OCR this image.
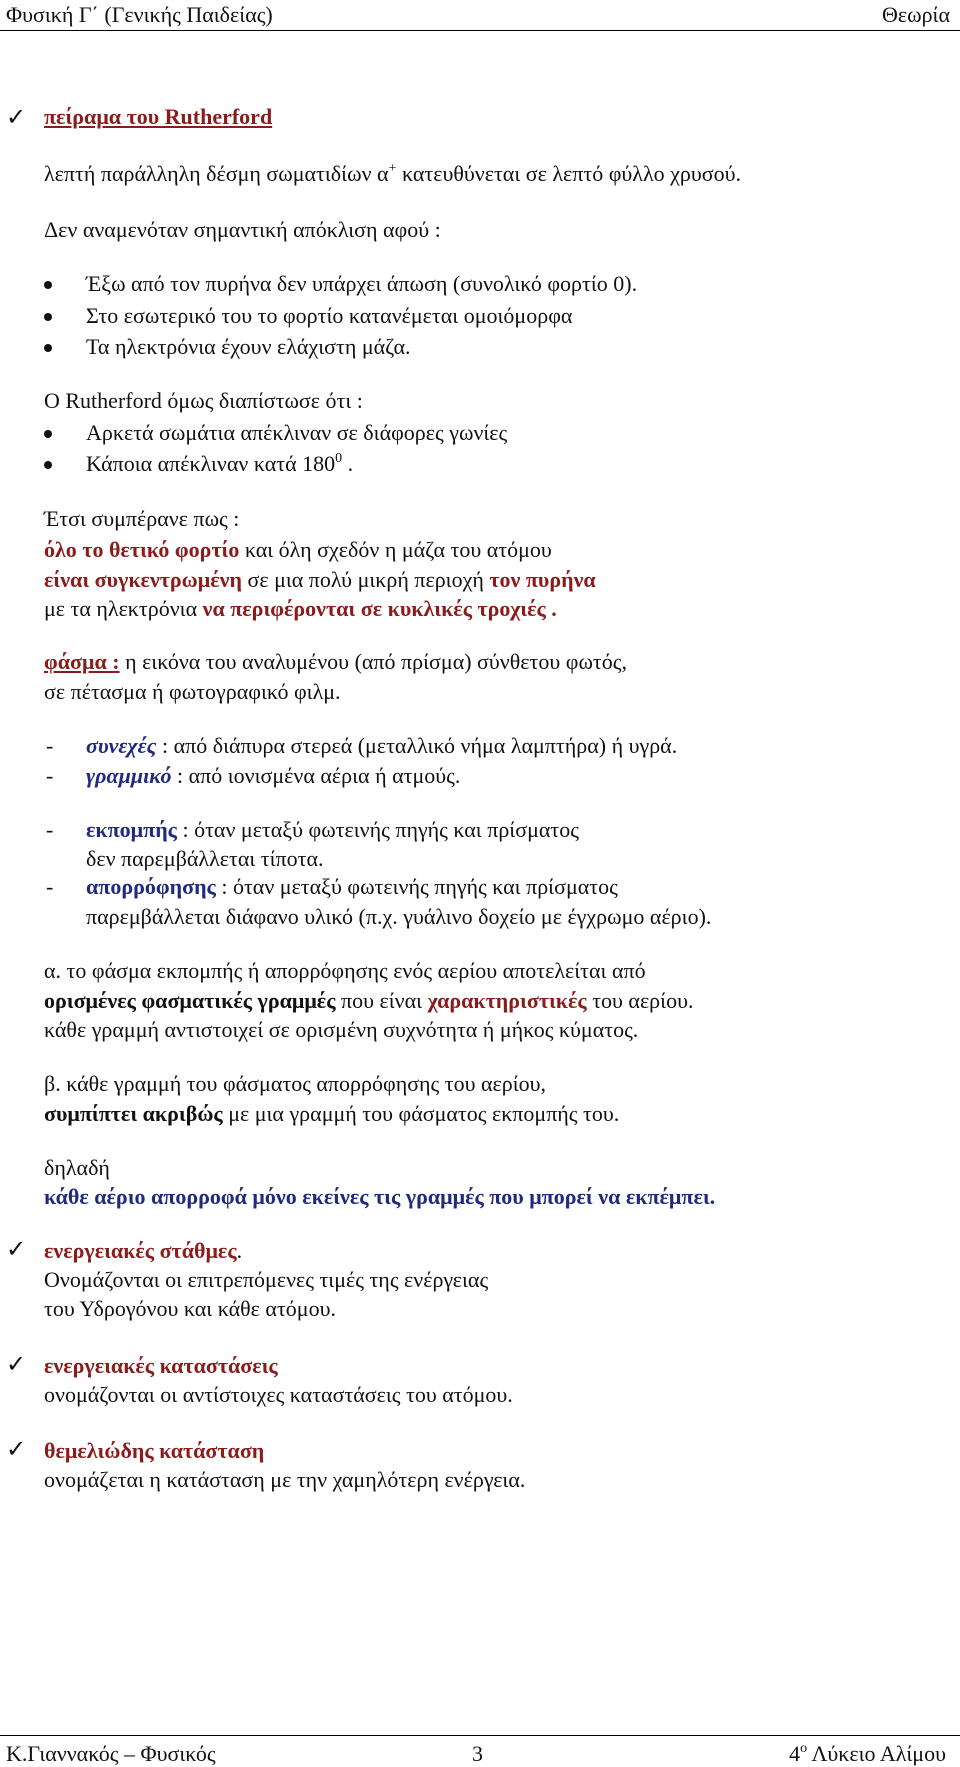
Φυσική Γ΄ (Γενικής Παιδείας)	Θεωρία
✓ πείραμα του Rutherford
λεπτή παράλληλη δέσμη σωματιδίων α+ κατευθύνεται σε λεπτό φύλλο χρυσού.
Δεν αναμενόταν σημαντική απόκλιση αφού :
Έξω από τον πυρήνα δεν υπάρχει άπωση (συνολικό φορτίο 0).
Στο εσωτερικό του το φορτίο κατανέμεται ομοιόμορφα
Τα ηλεκτρόνια έχουν ελάχιστη μάζα.
Ο Rutherford όμως διαπίστωσε ότι :
Αρκετά σωμάτια απέκλιναν σε διάφορες γωνίες
Κάποια απέκλιναν κατά $180^0$ .
Έτσι συμπέρανε πως :
όλο το θετικό φορτίο και όλη σχεδόν η μάζα του ατόμου
είναι συγκεντρωμένη σε μια πολύ μικρή περιοχή τον πυρήνα
με τα ηλεκτρόνια να περιφέρονται σε κυκλικές τροχιές .
φάσμα : η εικόνα του αναλυμένου (από πρίσμα) σύνθετου φωτός,
σε πέτασμα ή φωτογραφικό φιλμ.
- συνεχές : από διάπυρα στερεά (μεταλλικό νήμα λαμπτήρα) ή υγρά.
- γραμμικό : από ιονισμένα αέρια ή ατμούς.
- εκπομπής : όταν μεταξύ φωτεινής πηγής και πρίσματος
δεν παρεμβάλλεται τίποτα.
- απορρόφησης : όταν μεταξύ φωτεινής πηγής και πρίσματος
παρεμβάλλεται διάφανο υλικό (π.χ. γυάλινο δοχείο με έγχρωμο αέριο).
α. το φάσμα εκπομπής ή απορρόφησης ενός αερίου αποτελείται από
ορισμένες φασματικές γραμμές που είναι χαρακτηριστικές του αερίου.
κάθε γραμμή αντιστοιχεί σε ορισμένη συχνότητα ή μήκος κύματος.
β. κάθε γραμμή του φάσματος απορρόφησης του αερίου,
συμπίπτει ακριβώς με μια γραμμή του φάσματος εκπομπής του.
δηλαδή
κάθε αέριο απορροφά μόνο εκείνες τις γραμμές που μπορεί να εκπέμπει.
✓ ενεργειακές στάθμες.
Ονομάζονται οι επιτρεπόμενες τιμές της ενέργειας
του Υδρογόνου και κάθε ατόμου.
✓ ενεργειακές καταστάσεις
ονομάζονται οι αντίστοιχες καταστάσεις του ατόμου.
✓ θεμελιώδης κατάσταση
ονομάζεται η κατάσταση με την χαμηλότερη ενέργεια.
Κ.Γιαννακός – Φυσικός	3	$4^o$ Λύκειο Αλίμου
